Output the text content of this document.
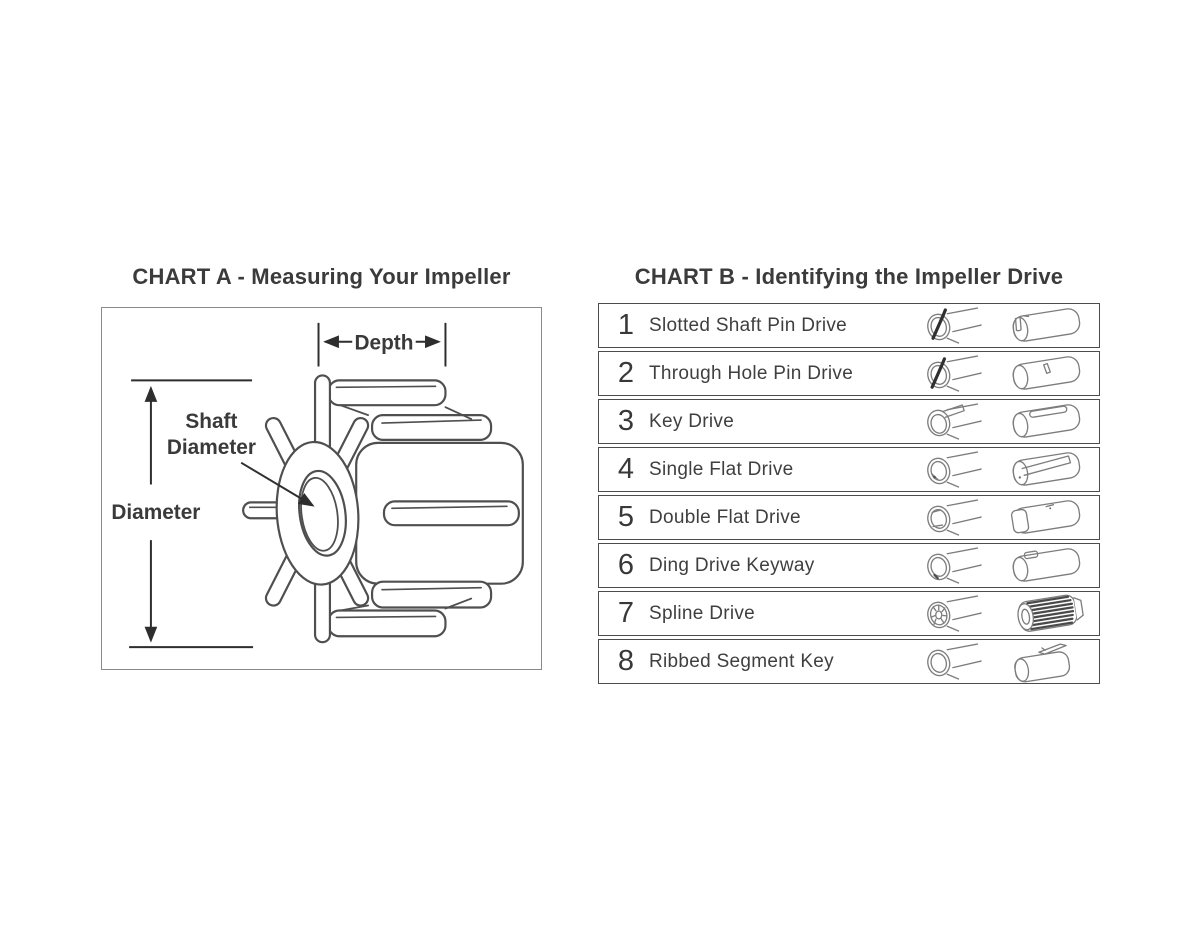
CHART A - Measuring Your Impeller	CHART B - Identifying the Impeller Drive
Depth
Diameter
Shaft
Diameter
1 Slotted Shaft Pin Drive
2 Through Hole Pin Drive
3 Key Drive
4 Single Flat Drive
5 Double Flat Drive
6 Ding Drive Keyway
7 Spline Drive
8 Ribbed Segment Key
